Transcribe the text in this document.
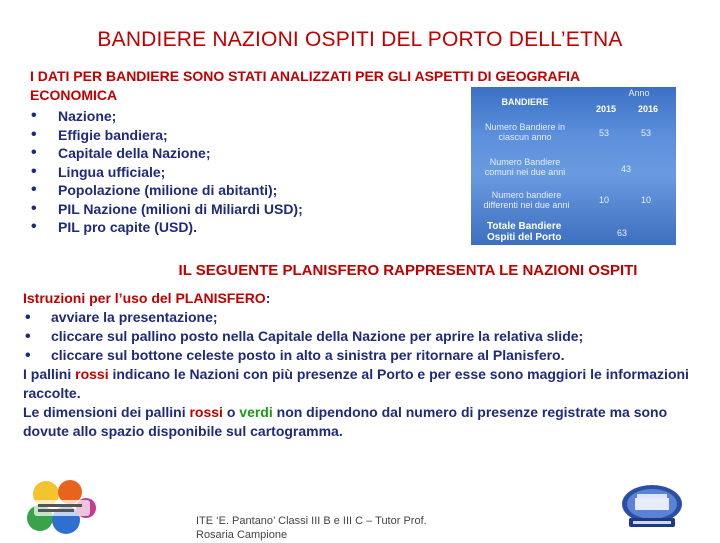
BANDIERE NAZIONI OSPITI DEL PORTO DELL’ETNA
I DATI PER BANDIERE SONO STATI ANALIZZATI PER GLI ASPETTI DI GEOGRAFIA ECONOMICA
• Nazione;
• Effigie bandiera;
• Capitale della Nazione;
• Lingua ufficiale;
• Popolazione (milione di abitanti);
• PIL Nazione (milioni di Miliardi USD);
• PIL pro capite (USD).
Anno
BANDIERE
2015	2016
Numero Bandiere in ciascun anno	53	53
Numero Bandiere comuni nei due anni	43
Numero bandiere differenti nei due anni	10	10
Totale Bandiere Ospiti del Porto	63
IL SEGUENTE PLANISFERO RAPPRESENTA LE NAZIONI OSPITI
Istruzioni per l’uso del PLANISFERO:
• avviare la presentazione;
• cliccare sul pallino posto nella Capitale della Nazione per aprire la relativa slide;
• cliccare sul bottone celeste posto in alto a sinistra per ritornare al Planisfero.
I pallini rossi indicano le Nazioni con più presenze al Porto e per esse sono maggiori le informazioni raccolte.
Le dimensioni dei pallini rossi o verdi non dipendono dal numero di presenze registrate ma sono dovute allo spazio disponibile sul cartogramma.
ITE ‘E. Pantano’ Classi III B e III C – Tutor Prof. Rosaria Campione
